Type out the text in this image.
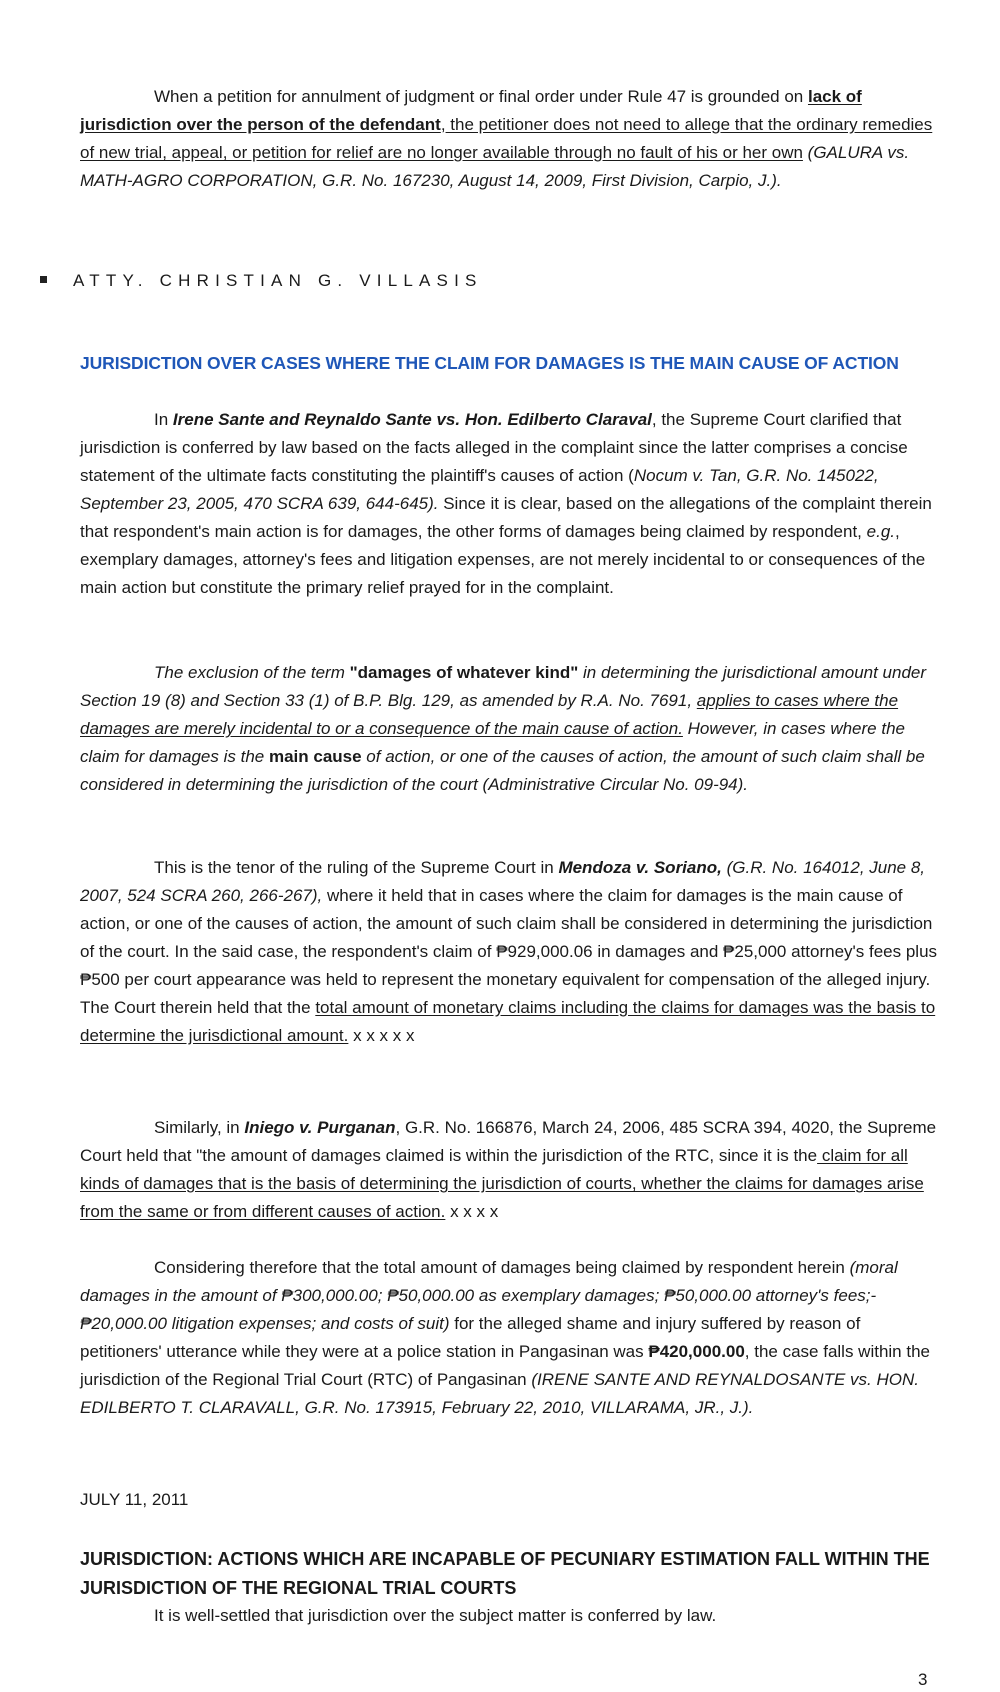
When a petition for annulment of judgment or final order under Rule 47 is grounded on lack of jurisdiction over the person of the defendant, the petitioner does not need to allege that the ordinary remedies of new trial, appeal, or petition for relief are no longer available through no fault of his or her own (GALURA vs. MATH-AGRO CORPORATION, G.R. No. 167230, August 14, 2009, First Division, Carpio, J.).

ATTY. CHRISTIAN G. VILLASIS
JURISDICTION OVER CASES WHERE THE CLAIM FOR DAMAGES IS THE MAIN CAUSE OF ACTION

In Irene Sante and Reynaldo Sante vs. Hon. Edilberto Claraval, the Supreme Court clarified that jurisdiction is conferred by law based on the facts alleged in the complaint since the latter comprises a concise statement of the ultimate facts constituting the plaintiff's causes of action (Nocum v. Tan, G.R. No. 145022, September 23, 2005, 470 SCRA 639, 644-645). Since it is clear, based on the allegations of the complaint therein that respondent's main action is for damages, the other forms of damages being claimed by respondent, e.g., exemplary damages, attorney's fees and litigation expenses, are not merely incidental to or consequences of the main action but constitute the primary relief prayed for in the complaint.

The exclusion of the term "damages of whatever kind" in determining the jurisdictional amount under Section 19 (8) and Section 33 (1) of B.P. Blg. 129, as amended by R.A. No. 7691, applies to cases where the damages are merely incidental to or a consequence of the main cause of action. However, in cases where the claim for damages is the main cause of action, or one of the causes of action, the amount of such claim shall be considered in determining the jurisdiction of the court (Administrative Circular No. 09-94).

This is the tenor of the ruling of the Supreme Court in Mendoza v. Soriano, (G.R. No. 164012, June 8, 2007, 524 SCRA 260, 266-267), where it held that in cases where the claim for damages is the main cause of action, or one of the causes of action, the amount of such claim shall be considered in determining the jurisdiction of the court. In the said case, the respondent's claim of ₱929,000.06 in damages and ₱25,000 attorney's fees plus ₱500 per court appearance was held to represent the monetary equivalent for compensation of the alleged injury. The Court therein held that the total amount of monetary claims including the claims for damages was the basis to determine the jurisdictional amount. x x x x x

Similarly, in Iniego v. Purganan, G.R. No. 166876, March 24, 2006, 485 SCRA 394, 4020, the Supreme Court held that "the amount of damages claimed is within the jurisdiction of the RTC, since it is the claim for all kinds of damages that is the basis of determining the jurisdiction of courts, whether the claims for damages arise from the same or from different causes of action. x x x x

Considering therefore that the total amount of damages being claimed by respondent herein (moral damages in the amount of ₱300,000.00; ₱50,000.00 as exemplary damages; ₱50,000.00 attorney's fees;-₱20,000.00 litigation expenses; and costs of suit) for the alleged shame and injury suffered by reason of petitioners' utterance while they were at a police station in Pangasinan was ₱420,000.00, the case falls within the jurisdiction of the Regional Trial Court (RTC) of Pangasinan (IRENE SANTE AND REYNALDOSANTE vs. HON. EDILBERTO T. CLARAVALL, G.R. No. 173915, February 22, 2010, VILLARAMA, JR., J.).

JULY 11, 2011
JURISDICTION: ACTIONS WHICH ARE INCAPABLE OF PECUNIARY ESTIMATION FALL WITHIN THE JURISDICTION OF THE REGIONAL TRIAL COURTS

It is well-settled that jurisdiction over the subject matter is conferred by law.

3
